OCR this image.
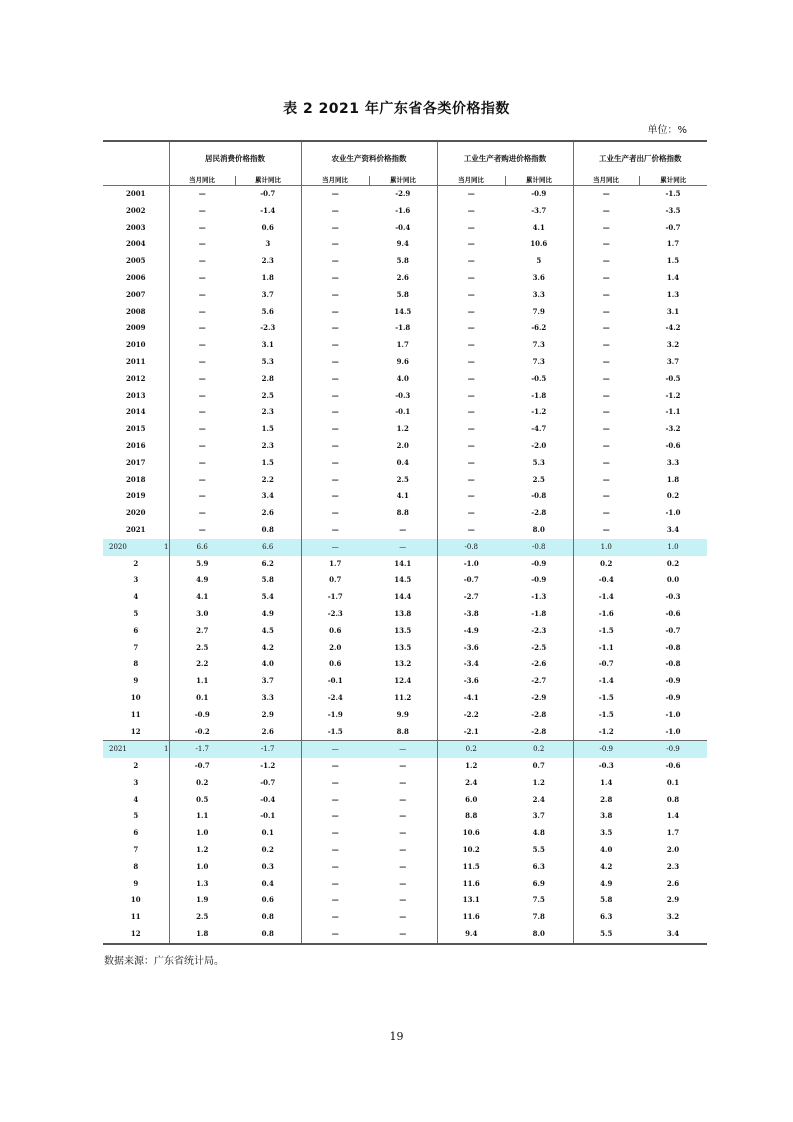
表 2 2021 年广东省各类价格指数
单位：%
	居民消费价格指数		农业生产资料价格指数		工业生产者购进价格指数		工业生产者出厂价格指数	
	当月同比	累计同比	当月同比	累计同比	当月同比	累计同比	当月同比	累计同比
2001	—	-0.7	—	-2.9	—	-0.9	—	-1.5
2002	—	-1.4	—	-1.6	—	-3.7	—	-3.5
2003	—	0.6	—	-0.4	—	4.1	—	-0.7
2004	—	3	—	9.4	—	10.6	—	1.7
2005	—	2.3	—	5.8	—	5	—	1.5
2006	—	1.8	—	2.6	—	3.6	—	1.4
2007	—	3.7	—	5.8	—	3.3	—	1.3
2008	—	5.6	—	14.5	—	7.9	—	3.1
2009	—	-2.3	—	-1.8	—	-6.2	—	-4.2
2010	—	3.1	—	1.7	—	7.3	—	3.2
2011	—	5.3	—	9.6	—	7.3	—	3.7
2012	—	2.8	—	4.0	—	-0.5	—	-0.5
2013	—	2.5	—	-0.3	—	-1.8	—	-1.2
2014	—	2.3	—	-0.1	—	-1.2	—	-1.1
2015	—	1.5	—	1.2	—	-4.7	—	-3.2
2016	—	2.3	—	2.0	—	-2.0	—	-0.6
2017	—	1.5	—	0.4	—	5.3	—	3.3
2018	—	2.2	—	2.5	—	2.5	—	1.8
2019	—	3.4	—	4.1	—	-0.8	—	0.2
2020	—	2.6	—	8.8	—	-2.8	—	-1.0
2021	—	0.8	—	—	—	8.0	—	3.4

2020 1	6.6	6.6	—	—	-0.8	-0.8	1.0	1.0
2	5.9	6.2	1.7	14.1	-1.0	-0.9	0.2	0.2
3	4.9	5.8	0.7	14.5	-0.7	-0.9	-0.4	0.0
4	4.1	5.4	-1.7	14.4	-2.7	-1.3	-1.4	-0.3
5	3.0	4.9	-2.3	13.8	-3.8	-1.8	-1.6	-0.6
6	2.7	4.5	0.6	13.5	-4.9	-2.3	-1.5	-0.7
7	2.5	4.2	2.0	13.5	-3.6	-2.5	-1.1	-0.8
8	2.2	4.0	0.6	13.2	-3.4	-2.6	-0.7	-0.8
9	1.1	3.7	-0.1	12.4	-3.6	-2.7	-1.4	-0.9
10	0.1	3.3	-2.4	11.2	-4.1	-2.9	-1.5	-0.9
11	-0.9	2.9	-1.9	9.9	-2.2	-2.8	-1.5	-1.0
12	-0.2	2.6	-1.5	8.8	-2.1	-2.8	-1.2	-1.0

2021 1	-1.7	-1.7	—	—	0.2	0.2	-0.9	-0.9
2	-0.7	-1.2	—	—	1.2	0.7	-0.3	-0.6
3	0.2	-0.7	—	—	2.4	1.2	1.4	0.1
4	0.5	-0.4	—	—	6.0	2.4	2.8	0.8
5	1.1	-0.1	—	—	8.8	3.7	3.8	1.4
6	1.0	0.1	—	—	10.6	4.8	3.5	1.7
7	1.2	0.2	—	—	10.2	5.5	4.0	2.0
8	1.0	0.3	—	—	11.5	6.3	4.2	2.3
9	1.3	0.4	—	—	11.6	6.9	4.9	2.6
10	1.9	0.6	—	—	13.1	7.5	5.8	2.9
11	2.5	0.8	—	—	11.6	7.8	6.3	3.2
12	1.8	0.8	—	—	9.4	8.0	5.5	3.4
数据来源：广东省统计局。
19
